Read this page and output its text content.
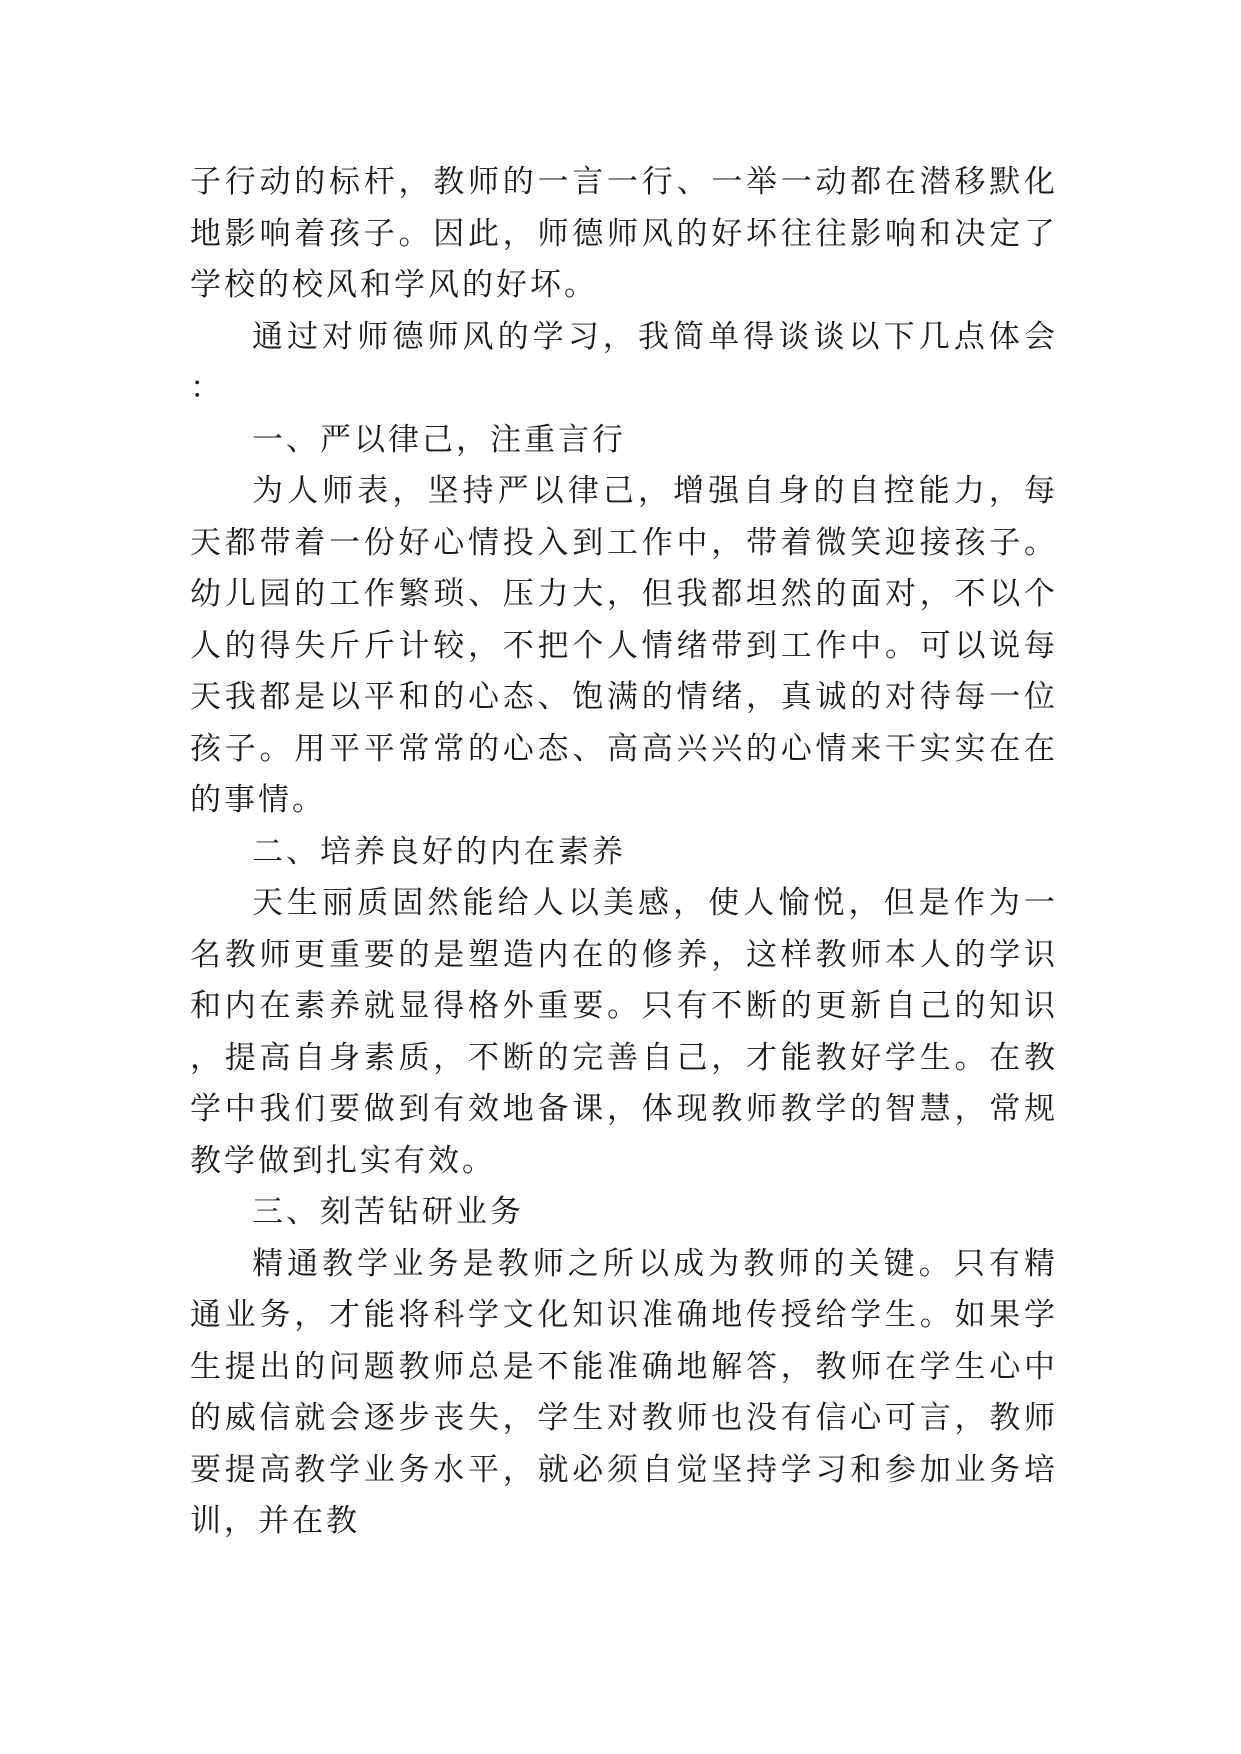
子行动的标杆，教师的一言一行、一举一动都在潜移默化地影响着孩子。因此，师德师风的好坏往往影响和决定了学校的校风和学风的好坏。

通过对师德师风的学习，我简单得谈谈以下几点体会：

一、严以律己，注重言行

为人师表，坚持严以律己，增强自身的自控能力，每天都带着一份好心情投入到工作中，带着微笑迎接孩子。幼儿园的工作繁琐、压力大，但我都坦然的面对，不以个人的得失斤斤计较，不把个人情绪带到工作中。可以说每天我都是以平和的心态、饱满的情绪，真诚的对待每一位孩子。用平平常常的心态、高高兴兴的心情来干实实在在的事情。

二、培养良好的内在素养

天生丽质固然能给人以美感，使人愉悦，但是作为一名教师更重要的是塑造内在的修养，这样教师本人的学识和内在素养就显得格外重要。只有不断的更新自己的知识，提高自身素质，不断的完善自己，才能教好学生。在教学中我们要做到有效地备课，体现教师教学的智慧，常规教学做到扎实有效。

三、刻苦钻研业务

精通教学业务是教师之所以成为教师的关键。只有精通业务，才能将科学文化知识准确地传授给学生。如果学生提出的问题教师总是不能准确地解答，教师在学生心中的威信就会逐步丧失，学生对教师也没有信心可言，教师要提高教学业务水平，就必须自觉坚持学习和参加业务培训，并在教
